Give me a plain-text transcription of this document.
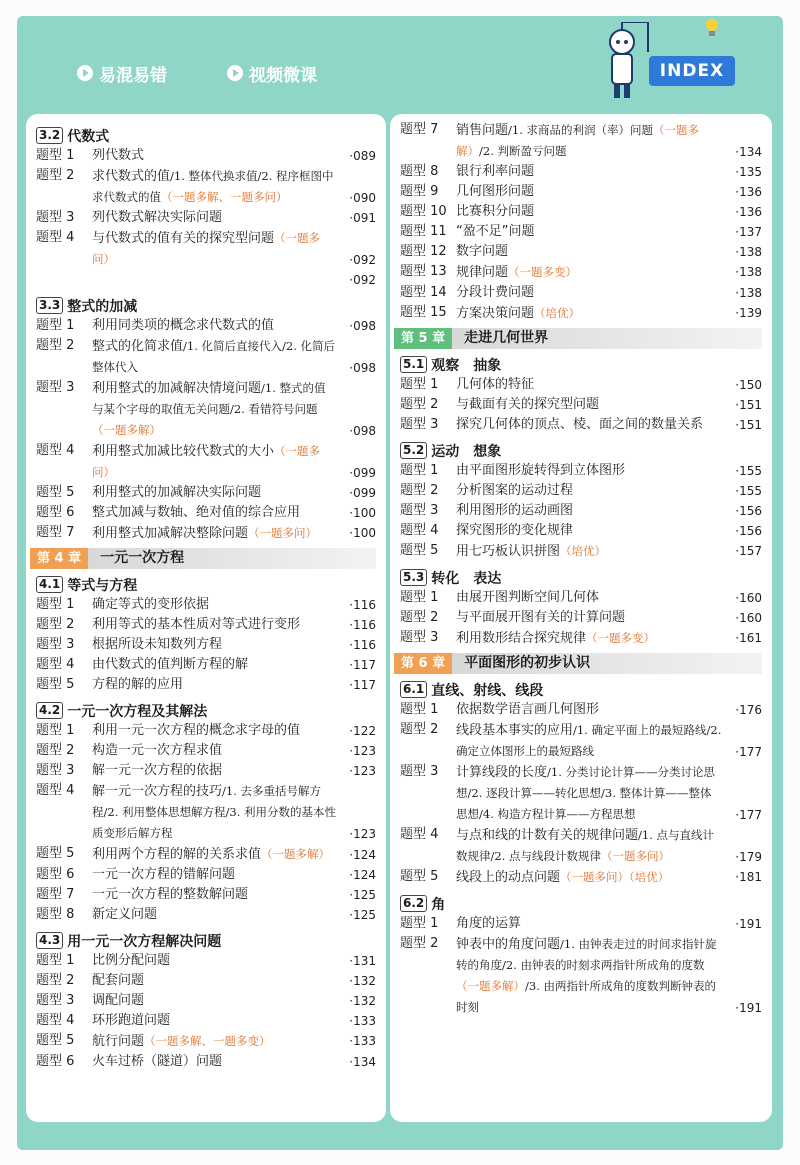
易混易错	视频微课	INDEX
3.2 代数式
题型 1	列代数式	·089
题型 2	求代数式的值/1. 整体代换求值/2. 程序框图中求代数式的值（一题多解、一题多问）	·090
题型 3	列代数式解决实际问题	·091
题型 4	与代数式的值有关的探究型问题（一题多问）	·092
·092
3.3 整式的加减
题型 1	利用同类项的概念求代数式的值	·098
题型 2	整式的化简求值/1. 化简后直接代入/2. 化简后整体代入	·098
题型 3	利用整式的加减解决情境问题/1. 整式的值与某个字母的取值无关问题/2. 看错符号问题（一题多解）	·098
题型 4	利用整式加减比较代数式的大小（一题多问）	·099
题型 5	利用整式的加减解决实际问题	·099
题型 6	整式加减与数轴、绝对值的综合应用	·100
题型 7	利用整式加减解决整除问题（一题多问）	·100
第 4 章	一元一次方程
4.1 等式与方程
题型 1	确定等式的变形依据	·116
题型 2	利用等式的基本性质对等式进行变形	·116
题型 3	根据所设未知数列方程	·116
题型 4	由代数式的值判断方程的解	·117
题型 5	方程的解的应用	·117
4.2 一元一次方程及其解法
题型 1	利用一元一次方程的概念求字母的值	·122
题型 2	构造一元一次方程求值	·123
题型 3	解一元一次方程的依据	·123
题型 4	解一元一次方程的技巧/1. 去多重括号解方程/2. 利用整体思想解方程/3. 利用分数的基本性质变形后解方程	·123
题型 5	利用两个方程的解的关系求值（一题多解）	·124
题型 6	一元一次方程的错解问题	·124
题型 7	一元一次方程的整数解问题	·125
题型 8	新定义问题	·125
4.3 用一元一次方程解决问题
题型 1	比例分配问题	·131
题型 2	配套问题	·132
题型 3	调配问题	·132
题型 4	环形跑道问题	·133
题型 5	航行问题（一题多解、一题多变）	·133
题型 6	火车过桥（隧道）问题	·134
题型 7	销售问题/1. 求商品的利润（率）问题（一题多解）/2. 判断盈亏问题	·134
题型 8	银行利率问题	·135
题型 9	几何图形问题	·136
题型 10 比赛积分问题	·136
题型 11 “盈不足”问题	·137
题型 12 数字问题	·138
题型 13 规律问题（一题多变）	·138
题型 14 分段计费问题	·138
题型 15 方案决策问题（培优）	·139
第 5 章	走进几何世界
5.1 观察　抽象
题型 1	几何体的特征	·150
题型 2	与截面有关的探究型问题	·151
题型 3	探究几何体的顶点、棱、面之间的数量关系	·151
5.2 运动　想象
题型 1	由平面图形旋转得到立体图形	·155
题型 2	分析图案的运动过程	·155
题型 3	利用图形的运动画图	·156
题型 4	探究图形的变化规律	·156
题型 5	用七巧板认识拼图（培优）	·157
5.3 转化　表达
题型 1	由展开图判断空间几何体	·160
题型 2	与平面展开图有关的计算问题	·160
题型 3	利用数形结合探究规律（一题多变）	·161
第 6 章	平面图形的初步认识
6.1 直线、射线、线段
题型 1	依据数学语言画几何图形	·176
题型 2	线段基本事实的应用/1. 确定平面上的最短路线/2. 确定立体图形上的最短路线	·177
题型 3	计算线段的长度/1. 分类讨论计算——分类讨论思想/2. 逐段计算——转化思想/3. 整体计算——整体思想/4. 构造方程计算——方程思想	·177
题型 4	与点和线的计数有关的规律问题/1. 点与直线计数规律/2. 点与线段计数规律（一题多问）	·179
题型 5	线段上的动点问题（一题多问）（培优）	·181
6.2 角
题型 1	角度的运算	·191
题型 2	钟表中的角度问题/1. 由钟表走过的时间求指针旋转的角度/2. 由钟表的时刻求两指针所成角的度数（一题多解）/3. 由两指针所成角的度数判断钟表的时刻	·191
